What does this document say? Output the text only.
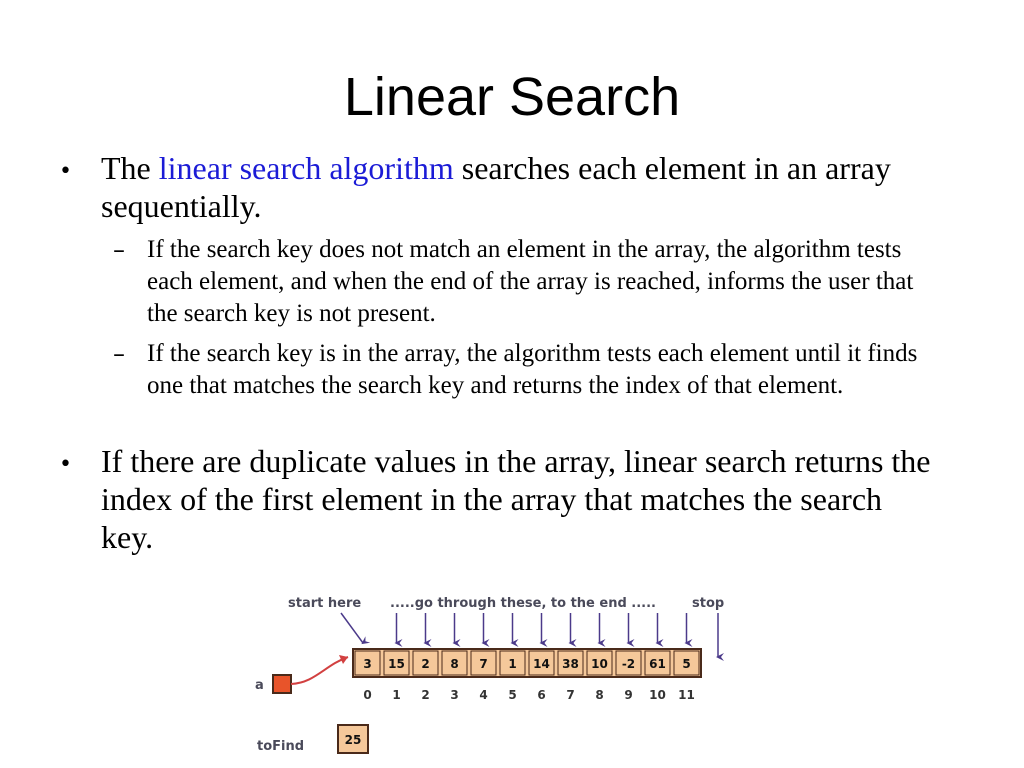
Linear Search
• The linear search algorithm searches each element in an array sequentially.
– If the search key does not match an element in the array, the algorithm tests each element, and when the end of the array is reached, informs the user that the search key is not present.
– If the search key is in the array, the algorithm tests each element until it finds one that matches the search key and returns the index of that element.
• If there are duplicate values in the array, linear search returns the index of the first element in the array that matches the search key.
start here .....go through these, to the end .....	stop
3 15 2 8 7 1 14 38 10 -2 61 5
0 1 2 3 4 5 6 7 8 9 10 11
a
toFind	25
